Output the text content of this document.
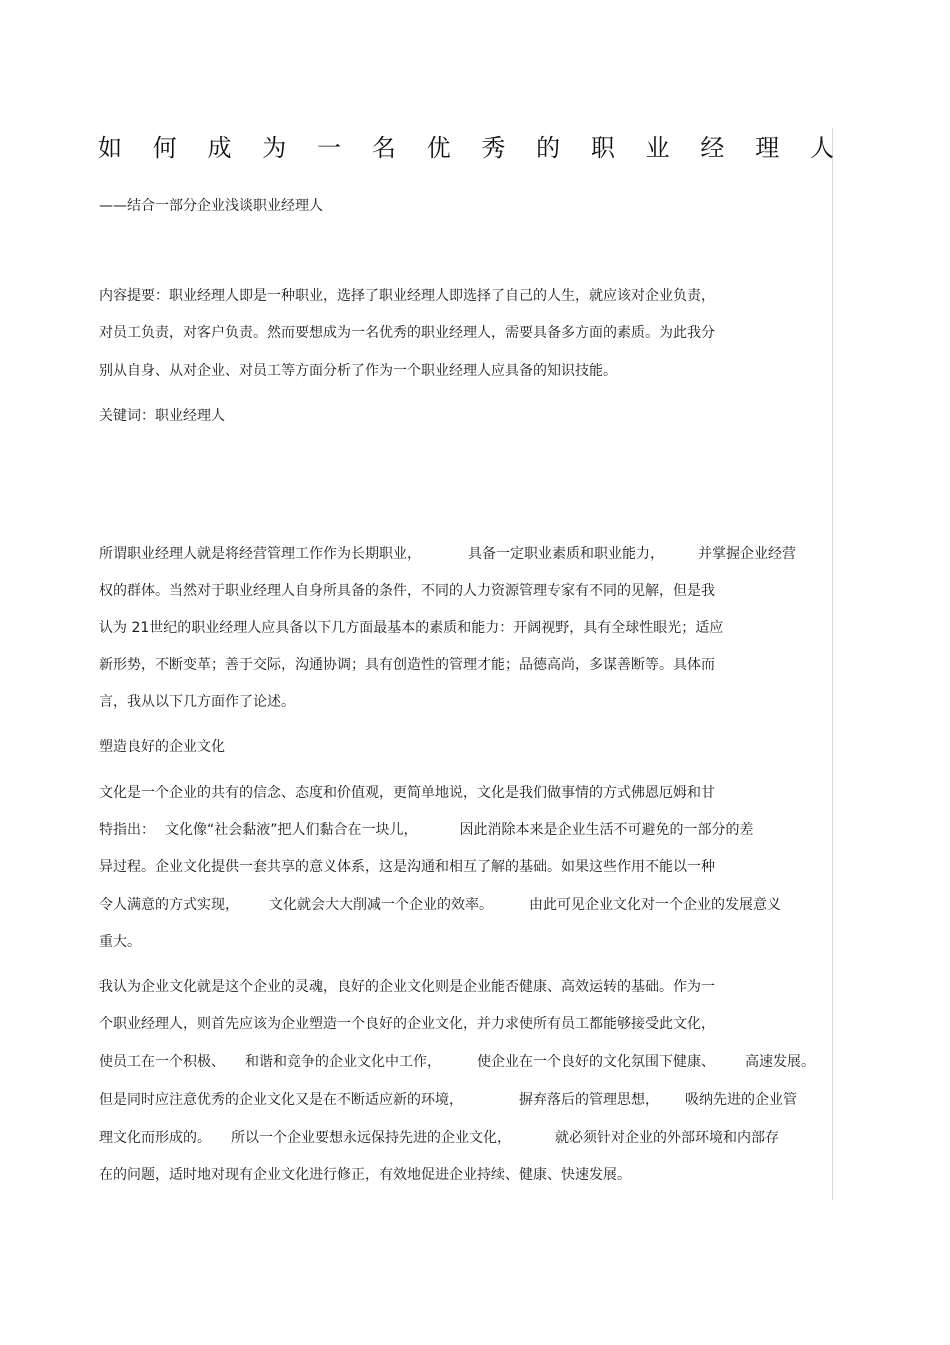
如 何 成 为 一 名 优 秀 的 职 业 经 理 人
——结合一部分企业浅谈职业经理人
内容提要：职业经理人即是一种职业，选择了职业经理人即选择了自己的人生，就应该对企业负责，
对员工负责，对客户负责。然而要想成为一名优秀的职业经理人，需要具备多方面的素质。为此我分
别从自身、从对企业、对员工等方面分析了作为一个职业经理人应具备的知识技能。
关键词：职业经理人
所谓职业经理人就是将经营管理工作作为长期职业，	具备一定职业素质和职业能力， 并掌握企业经营
权的群体。当然对于职业经理人自身所具备的条件，不同的人力资源管理专家有不同的见解，但是我
认为 21世纪的职业经理人应具备以下几方面最基本的素质和能力：开阔视野，具有全球性眼光；适应
新形势，不断变革；善于交际，沟通协调；具有创造性的管理才能；品德高尚，多谋善断等。具体而
言，我从以下几方面作了论述。
塑造良好的企业文化
文化是一个企业的共有的信念、态度和价值观，更简单地说，文化是我们做事情的方式佛恩厄姆和甘
特指出： 文化像“社会黏液”把人们黏合在一块儿，	因此消除本来是企业生活不可避免的一部分的差
异过程。企业文化提供一套共享的意义体系，这是沟通和相互了解的基础。如果这些作用不能以一种
令人满意的方式实现， 文化就会大大削减一个企业的效率。	由此可见企业文化对一个企业的发展意义
重大。
我认为企业文化就是这个企业的灵魂，良好的企业文化则是企业能否健康、高效运转的基础。作为一
个职业经理人，则首先应该为企业塑造一个良好的企业文化，并力求使所有员工都能够接受此文化，
使员工在一个积极、 和谐和竞争的企业文化中工作，	使企业在一个良好的文化氛围下健康、 高速发展。
但是同时应注意优秀的企业文化又是在不断适应新的环境，	摒弃落后的管理思想， 吸纳先进的企业管
理文化而形成的。 所以一个企业要想永远保持先进的企业文化，	就必须针对企业的外部环境和内部存
在的问题，适时地对现有企业文化进行修正，有效地促进企业持续、健康、快速发展。
